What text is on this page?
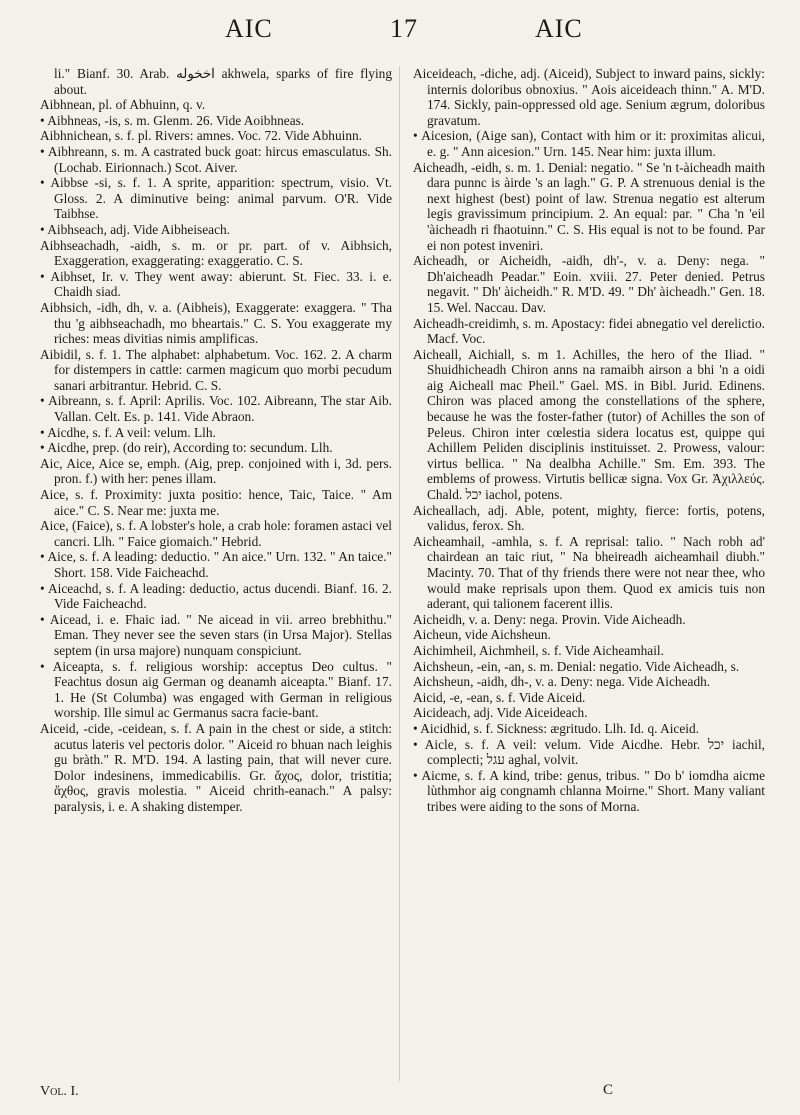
AIC	17	AIC

li." Bianf. 30. Arab. اخخوله akhwela, sparks of fire flying about.

Aibhnean, pl. of Abhuinn, q. v.

• Aibhneas, -is, s. m. Glenm. 26. Vide Aoibhneas.

Aibhnichean, s. f. pl. Rivers: amnes. Voc. 72. Vide Abhuinn.

• Aibhreann, s. m. A castrated buck goat: hircus emasculatus. Sh. (Lochab. Eirionnach.) Scot. Aiver.

• Aibbse -si, s. f. 1. A sprite, apparition: spectrum, visio. Vt. Gloss. 2. A diminutive being: animal parvum. O'R. Vide Taibhse.

• Aibhseach, adj. Vide Aibheiseach.

Aibhseachadh, -aidh, s. m. or pr. part. of v. Aibhsich, Exaggeration, exaggerating: exaggeratio. C. S.

• Aibhset, Ir. v. They went away: abierunt. St. Fiec. 33. i. e. Chaidh siad.

Aibhsich, -idh, dh, v. a. (Aibheis), Exaggerate: exaggera. " Tha thu 'g aibhseachadh, mo bheartais." C. S. You exaggerate my riches: meas divitias nimis amplificas.

Aibidil, s. f. 1. The alphabet: alphabetum. Voc. 162. 2. A charm for distempers in cattle: carmen magicum quo morbi pecudum sanari arbitrantur. Hebrid. C. S.

• Aibreann, s. f. April: Aprilis. Voc. 102. Aibreann, The star Aib. Vallan. Celt. Es. p. 141. Vide Abraon.

• Aicdhe, s. f. A veil: velum. Llh.

• Aicdhe, prep. (do reir), According to: secundum. Llh.

Aic, Aice, Aice se, emph. (Aig, prep. conjoined with i, 3d. pers. pron. f.) with her: penes illam.

Aice, s. f. Proximity: juxta positio: hence, Taic, Taice. " Am aice." C. S. Near me: juxta me.

Aice, (Faice), s. f. A lobster's hole, a crab hole: foramen astaci vel cancri. Llh. " Faice giomaich." Hebrid.

• Aice, s. f. A leading: deductio. " An aice." Urn. 132. " An taice." Short. 158. Vide Faicheachd.

• Aiceachd, s. f. A leading: deductio, actus ducendi. Bianf. 16. 2. Vide Faicheachd.

• Aicead, i. e. Fhaic iad. " Ne aicead in vii. arreo brebhithu." Eman. They never see the seven stars (in Ursa Major). Stellas septem (in ursa majore) nunquam conspiciunt.

• Aiceapta, s. f. religious worship: acceptus Deo cultus. " Feachtus dosun aig German og deanamh aiceapta." Bianf. 17. 1. He (St Columba) was engaged with German in religious worship. Ille simul ac Germanus sacra facie-bant.

Aiceid, -cide, -ceidean, s. f. A pain in the chest or side, a stitch: acutus lateris vel pectoris dolor. " Aiceid ro bhuan nach leighis gu bràth." R. M'D. 194. A lasting pain, that will never cure. Dolor indesinens, immedicabilis. Gr. ἄχος, dolor, tristitia; ἄχθος, gravis molestia. " Aiceid chrith-eanach." A palsy: paralysis, i. e. A shaking distemper.

Aiceideach, -diche, adj. (Aiceid), Subject to inward pains, sickly: internis doloribus obnoxius. " Aois aiceideach thinn." A. M'D. 174. Sickly, pain-oppressed old age. Senium ægrum, doloribus gravatum.

• Aicesion, (Aige san), Contact with him or it: proximitas alicui, e. g. " Ann aicesion." Urn. 145. Near him: juxta illum.

Aicheadh, -eidh, s. m. 1. Denial: negatio. " Se 'n t-àicheadh maith dara punnc is àirde 's an lagh." G. P. A strenuous denial is the next highest (best) point of law. Strenua negatio est alterum legis gravissimum principium. 2. An equal: par. " Cha 'n 'eil 'àicheadh ri fhaotuinn." C. S. His equal is not to be found. Par ei non potest inveniri.

Aicheadh, or Aicheidh, -aidh, dh'-, v. a. Deny: nega. " Dh'aicheadh Peadar." Eoin. xviii. 27. Peter denied. Petrus negavit. " Dh' àicheidh." R. M'D. 49. " Dh' àicheadh." Gen. 18. 15. Wel. Naccau. Dav.

Aicheadh-creidimh, s. m. Apostacy: fidei abnegatio vel derelictio. Macf. Voc.

Aicheall, Aichiall, s. m 1. Achilles, the hero of the Iliad. " Shuidhicheadh Chiron anns na ramaibh airson a bhi 'n a oidi aig Aicheall mac Pheil." Gael. MS. in Bibl. Jurid. Edinens. Chiron was placed among the constellations of the sphere, because he was the foster-father (tutor) of Achilles the son of Peleus. Chiron inter cœlestia sidera locatus est, quippe qui Achillem Peliden disciplinis instituisset. 2. Prowess, valour: virtus bellica. " Na dealbha Achille." Sm. Em. 393. The emblems of prowess. Virtutis bellicæ signa. Vox Gr. Ἀχιλλεύς. Chald. יכל iachol, potens.

Aicheallach, adj. Able, potent, mighty, fierce: fortis, potens, validus, ferox. Sh.

Aicheamhail, -amhla, s. f. A reprisal: talio. " Nach robh ad' chairdean an taic riut, " Na bheireadh aicheamhail diubh." Macinty. 70. That of thy friends there were not near thee, who would make reprisals upon them. Quod ex amicis tuis non aderant, qui talionem facerent illis.

Aicheidh, v. a. Deny: nega. Provin. Vide Aicheadh.

Aicheun, vide Aichsheun.

Aichimheil, Aichmheil, s. f. Vide Aicheamhail.

Aichsheun, -ein, -an, s. m. Denial: negatio. Vide Aicheadh, s.

Aichsheun, -aidh, dh-, v. a. Deny: nega. Vide Aicheadh.

Aicid, -e, -ean, s. f. Vide Aiceid.

Aicideach, adj. Vide Aiceideach.

• Aicidhid, s. f. Sickness: ægritudo. Llh. Id. q. Aiceid.

• Aicle, s. f. A veil: velum. Vide Aicdhe. Hebr. יכל iachil, complecti; עגל aghal, volvit.

• Aicme, s. f. A kind, tribe: genus, tribus. " Do b' iomdha aicme lùthmhor aig congnamh chlanna Moirne." Short. Many valiant tribes were aiding to the sons of Morna.

Vol. I.	C
